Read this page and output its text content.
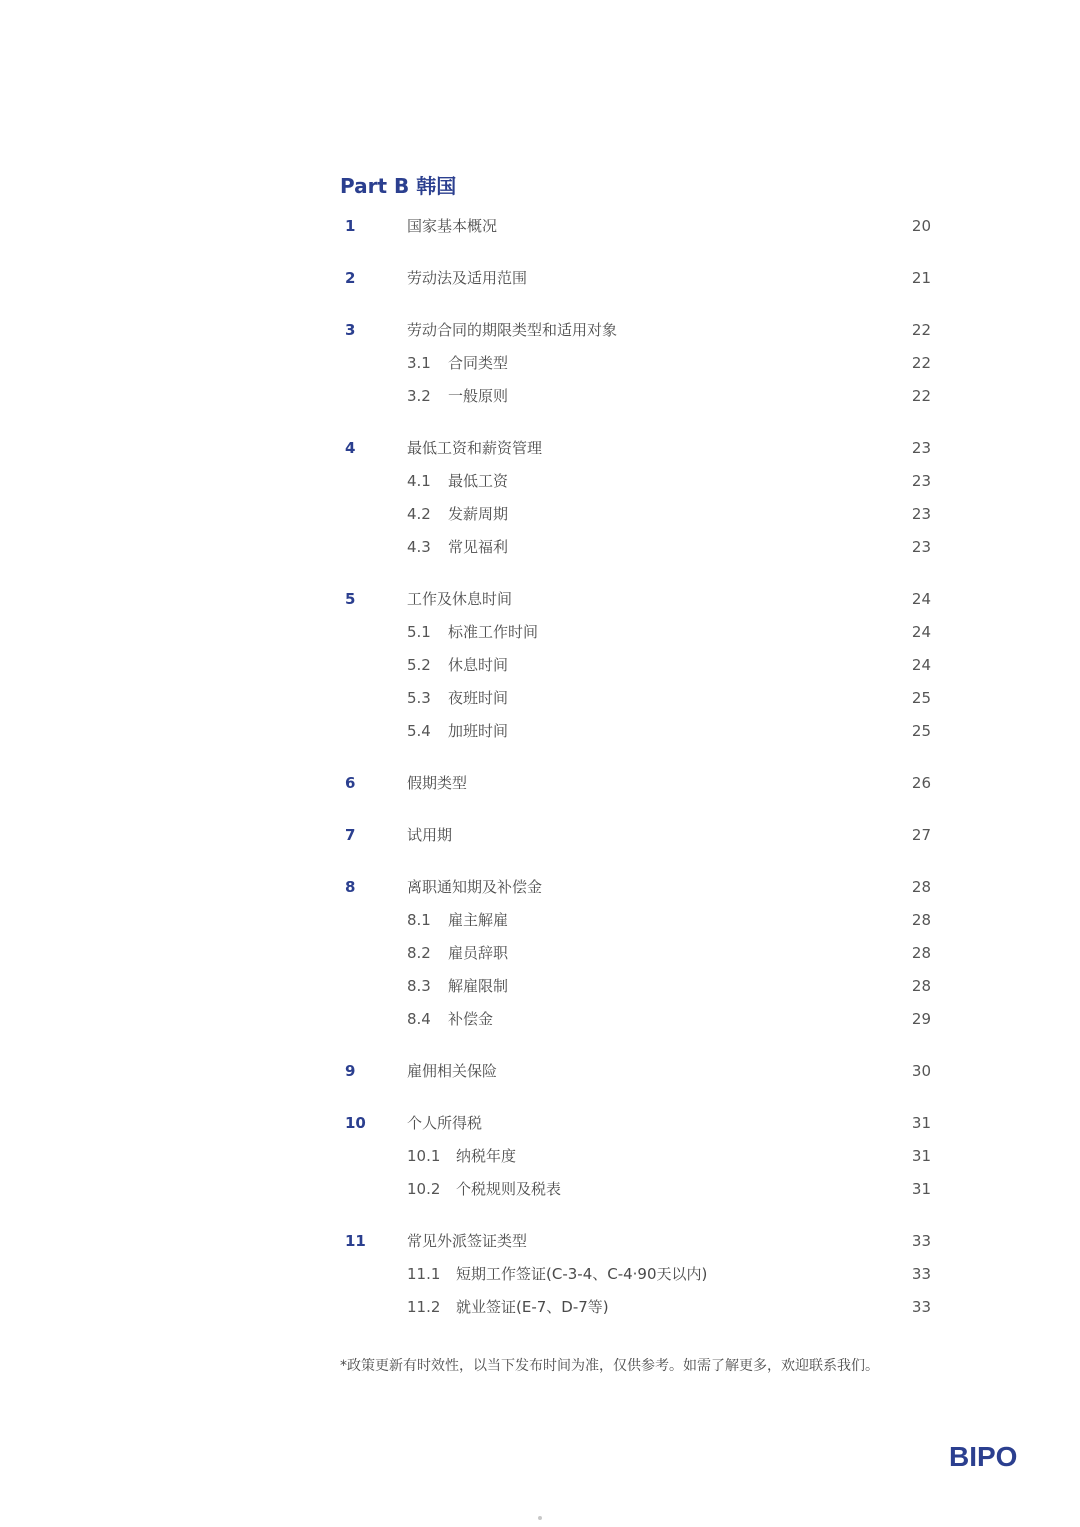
Part B 韩国
1	国家基本概况	20
2	劳动法及适用范围	21
3	劳动合同的期限类型和适用对象	22
3.1 合同类型	22
3.2 一般原则	22
4	最低工资和薪资管理	23
4.1 最低工资	23
4.2 发薪周期	23
4.3 常见福利	23
5	工作及休息时间	24
5.1 标准工作时间	24
5.2 休息时间	24
5.3 夜班时间	25
5.4 加班时间	25
6	假期类型	26
7	试用期	27
8	离职通知期及补偿金	28
8.1 雇主解雇	28
8.2 雇员辞职	28
8.3 解雇限制	28
8.4 补偿金	29
9	雇佣相关保险	30
10	个人所得税	31
10.1 纳税年度	31
10.2 个税规则及税表	31
11	常见外派签证类型	33
11.1 短期工作签证(C-3-4、C-4·90天以内)	33
11.2 就业签证(E-7、D-7等)	33
*政策更新有时效性，以当下发布时间为准，仅供参考。如需了解更多，欢迎联系我们。
BIPO
